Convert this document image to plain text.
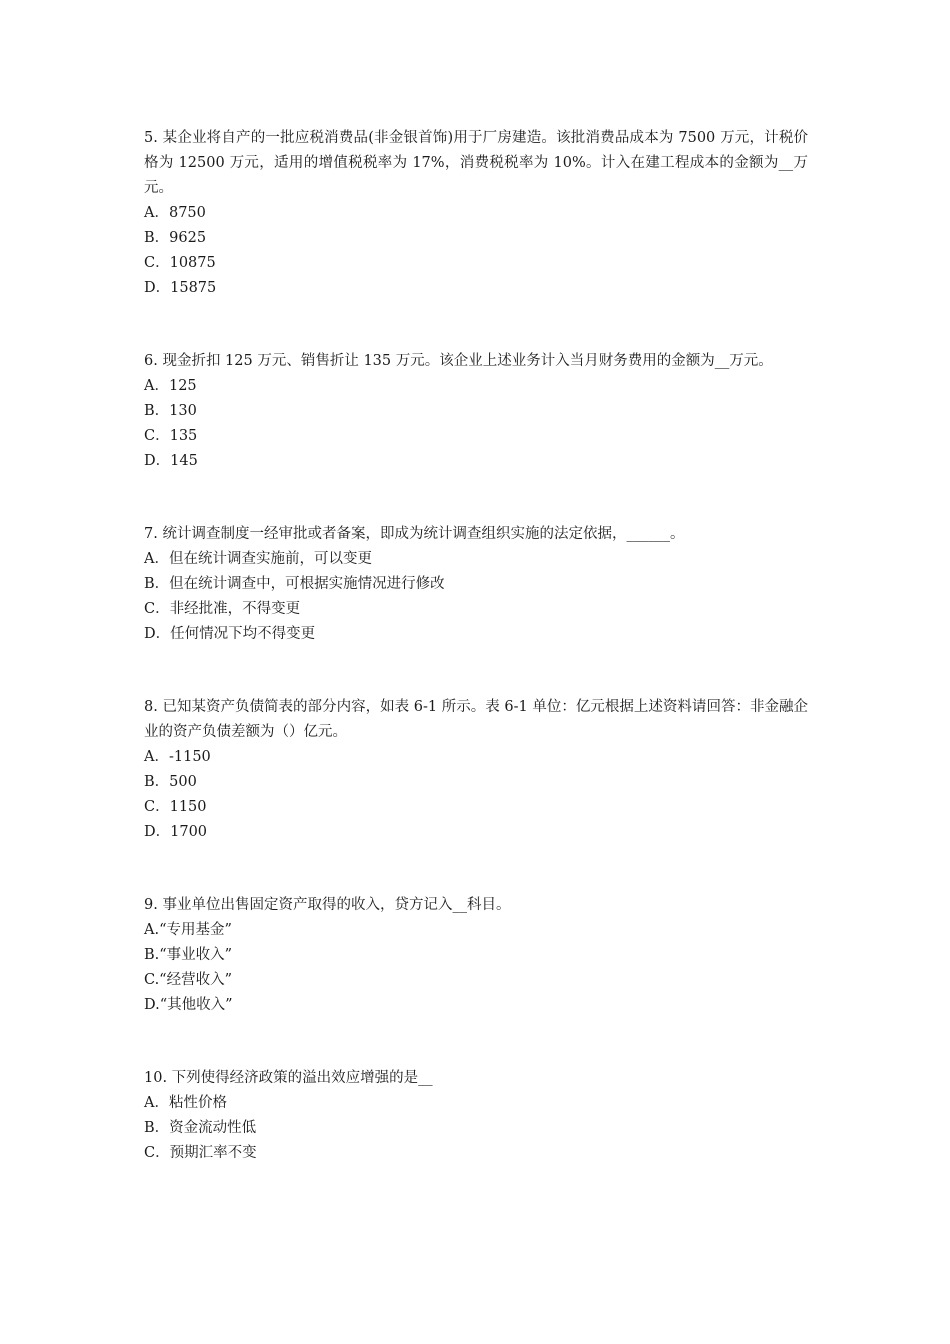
5. 某企业将自产的一批应税消费品(非金银首饰)用于厂房建造。该批消费品成本为 7500 万元，计税价格为 12500 万元，适用的增值税税率为 17%，消费税税率为 10%。计入在建工程成本的金额为__万元。

A．8750

B．9625

C．10875

D．15875

6. 现金折扣 125 万元、销售折让 135 万元。该企业上述业务计入当月财务费用的金额为__万元。

A．125

B．130

C．135

D．145

7. 统计调查制度一经审批或者备案，即成为统计调查组织实施的法定依据，______。

A．但在统计调查实施前，可以变更

B．但在统计调查中，可根据实施情况进行修改

C．非经批准，不得变更

D．任何情况下均不得变更

8. 已知某资产负债简表的部分内容，如表 6-1 所示。表 6-1 单位：亿元根据上述资料请回答：非金融企业的资产负债差额为（）亿元。

A．-1150

B．500

C．1150

D．1700

9. 事业单位出售固定资产取得的收入，贷方记入__科目。

A.“专用基金”

B.“事业收入”

C.“经营收入”

D.“其他收入”

10. 下列使得经济政策的溢出效应增强的是__

A．粘性价格

B．资金流动性低

C．预期汇率不变
